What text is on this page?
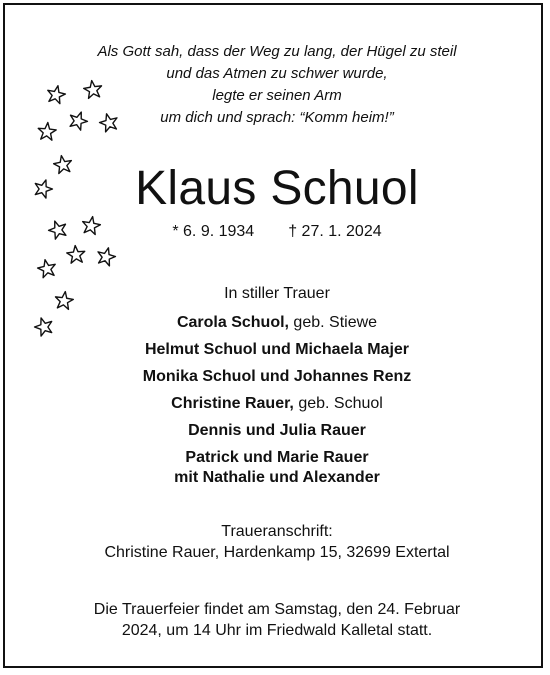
Als Gott sah, dass der Weg zu lang, der Hügel zu steil
und das Atmen zu schwer wurde,
legte er seinen Arm
um dich und sprach: “Komm heim!”
Klaus Schuol
* 6. 9. 1934 † 27. 1. 2024
In stiller Trauer
Carola Schuol, geb. Stiewe
Helmut Schuol und Michaela Majer
Monika Schuol und Johannes Renz
Christine Rauer, geb. Schuol
Dennis und Julia Rauer
Patrick und Marie Rauer
mit Nathalie und Alexander
Traueranschrift:
Christine Rauer, Hardenkamp 15, 32699 Extertal
Die Trauerfeier findet am Samstag, den 24. Februar
2024, um 14 Uhr im Friedwald Kalletal statt.
